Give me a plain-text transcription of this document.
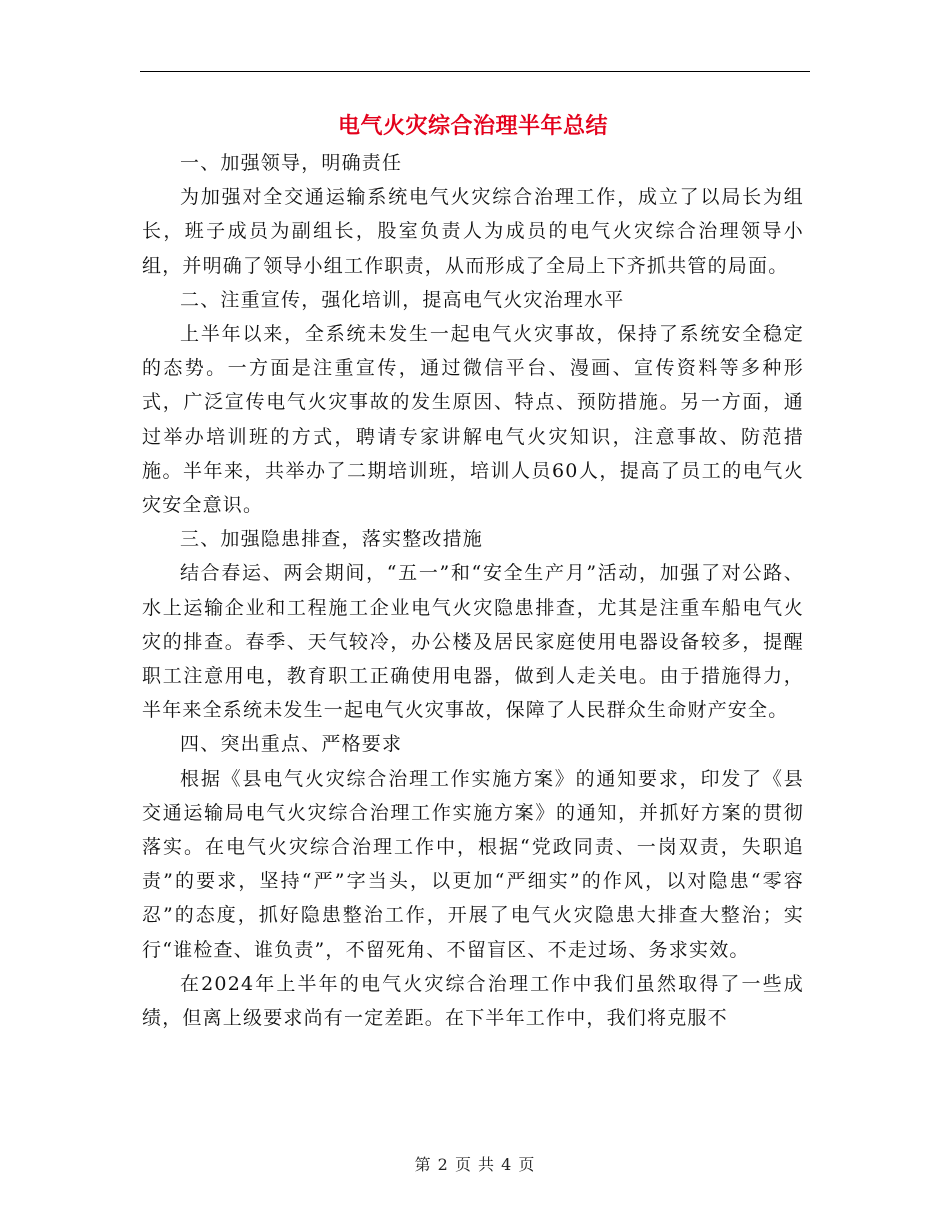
电气火灾综合治理半年总结

一、加强领导，明确责任

为加强对全交通运输系统电气火灾综合治理工作，成立了以局长为组长，班子成员为副组长，股室负责人为成员的电气火灾综合治理领导小组，并明确了领导小组工作职责，从而形成了全局上下齐抓共管的局面。

二、注重宣传，强化培训，提高电气火灾治理水平

上半年以来，全系统未发生一起电气火灾事故，保持了系统安全稳定的态势。一方面是注重宣传，通过微信平台、漫画、宣传资料等多种形式，广泛宣传电气火灾事故的发生原因、特点、预防措施。另一方面，通过举办培训班的方式，聘请专家讲解电气火灾知识，注意事故、防范措施。半年来，共举办了二期培训班，培训人员60人，提高了员工的电气火灾安全意识。

三、加强隐患排查，落实整改措施

结合春运、两会期间，“五一”和“安全生产月”活动，加强了对公路、水上运输企业和工程施工企业电气火灾隐患排查，尤其是注重车船电气火灾的排查。春季、天气较冷，办公楼及居民家庭使用电器设备较多，提醒职工注意用电，教育职工正确使用电器，做到人走关电。由于措施得力，半年来全系统未发生一起电气火灾事故，保障了人民群众生命财产安全。

四、突出重点、严格要求

根据《县电气火灾综合治理工作实施方案》的通知要求，印发了《县交通运输局电气火灾综合治理工作实施方案》的通知，并抓好方案的贯彻落实。在电气火灾综合治理工作中，根据“党政同责、一岗双责，失职追责”的要求，坚持“严”字当头，以更加“严细实”的作风，以对隐患“零容忍”的态度，抓好隐患整治工作，开展了电气火灾隐患大排查大整治；实行“谁检查、谁负责”，不留死角、不留盲区、不走过场、务求实效。

在2024年上半年的电气火灾综合治理工作中我们虽然取得了一些成绩，但离上级要求尚有一定差距。在下半年工作中，我们将克服不

第 2 页 共 4 页
